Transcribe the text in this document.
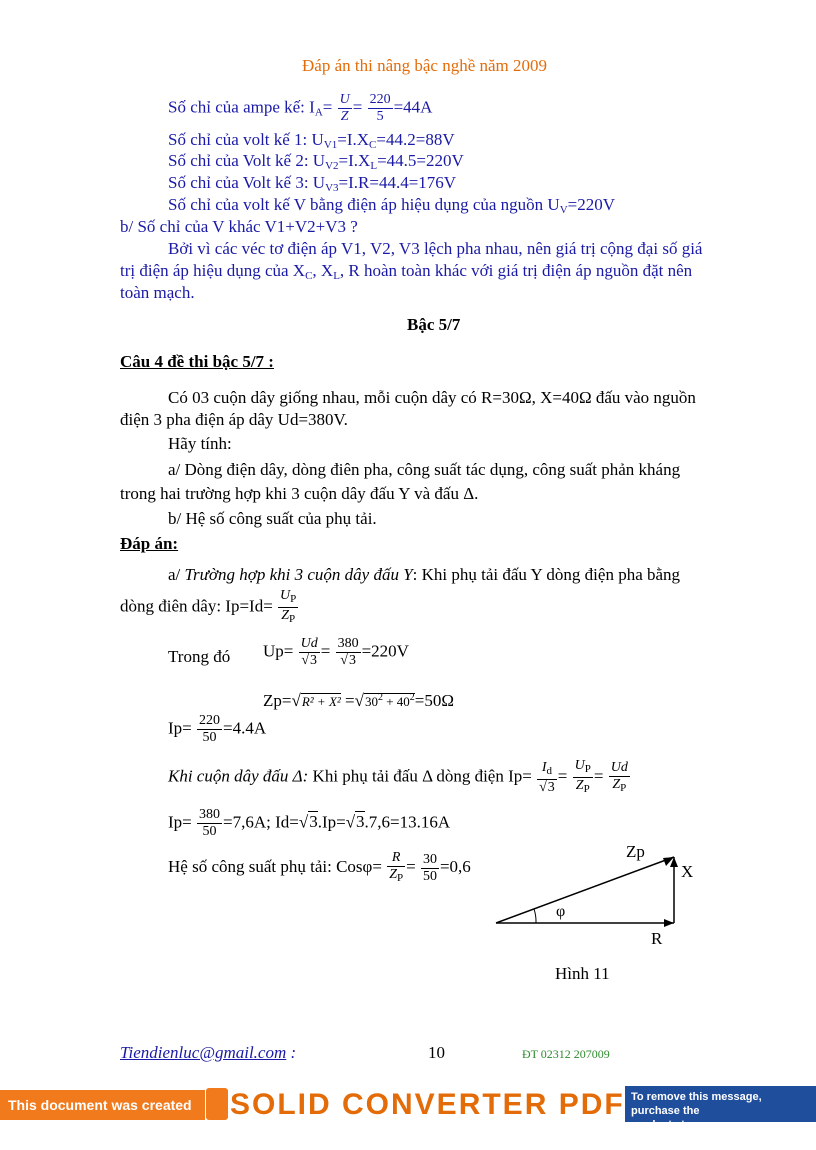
Đáp án thi nâng bậc nghề năm 2009
Số chỉ của ampe kế: $I_A= \frac{U}{Z} = \frac{220}{5} =44A$
Số chỉ của volt kế 1: $U_{V1}=I.X_C=44.2=88V$
Số chỉ của Volt kế 2: $U_{V2}=I.X_L=44.5=220V$
Số chỉ của Volt kế 3: $U_{V3}=I.R=44.4=176V$
Số chỉ của volt kế V bằng điện áp hiệu dụng của nguồn $U_V=220V$
b/ Số chỉ của V khác V1+V2+V3 ?
Bởi vì các véc tơ điện áp V1, V2, V3 lệch pha nhau, nên giá trị cộng đại số giá
trị điện áp hiệu dụng của $X_C$, $X_L$, R hoàn toàn khác với giá trị điện áp nguồn đặt nên
toàn mạch.
Bậc 5/7
Câu 4 đề thi bậc 5/7 :
Có 03 cuộn dây giống nhau, mỗi cuộn dây có R=30Ω, X=40Ω đấu vào nguồn
điện 3 pha điện áp dây Ud=380V.
Hãy tính:
a/ Dòng điện dây, dòng điên pha, công suất tác dụng, công suất phản kháng
trong hai trường hợp khi 3 cuộn dây đấu Y và đấu Δ.
b/ Hệ số công suất của phụ tải.
Đáp án:
a/ Trường hợp khi 3 cuộn dây đấu Y: Khi phụ tải đấu Y dòng điện pha bằng
dòng điên dây: $Ip=Id= \frac{U_P}{Z_P}$
Trong đó $Up= \frac{Ud}{√3} = \frac{380}{√3} =220V$
$Zp=√R^2 + X^2 =√30^2 + 40^2=50\Omega$
$Ip= \frac{220}{50} =4.4A$
Khi cuộn dây đấu Δ: Khi phụ tải đấu Δ dòng điện $Ip= \frac{I_d}{√3} = \frac{U_P}{Z_P} = \frac{Ud}{Z_P}$
$Ip= \frac{380}{50} =7,6A$; Id=√3.Ip=√3.7,6=13.16A
Hệ số công suất phụ tải: $Cos\varphi= \frac{R}{Z_P} = \frac{30}{50} =0,6$
Zp
X
R
φ
Hình 11
Tiendienluc@gmail.com :	10	ĐT 02312 207009
This document was created using
SOLID CONVERTER PDF To remove this message, purchase the
product at www.SolidDocuments.com
